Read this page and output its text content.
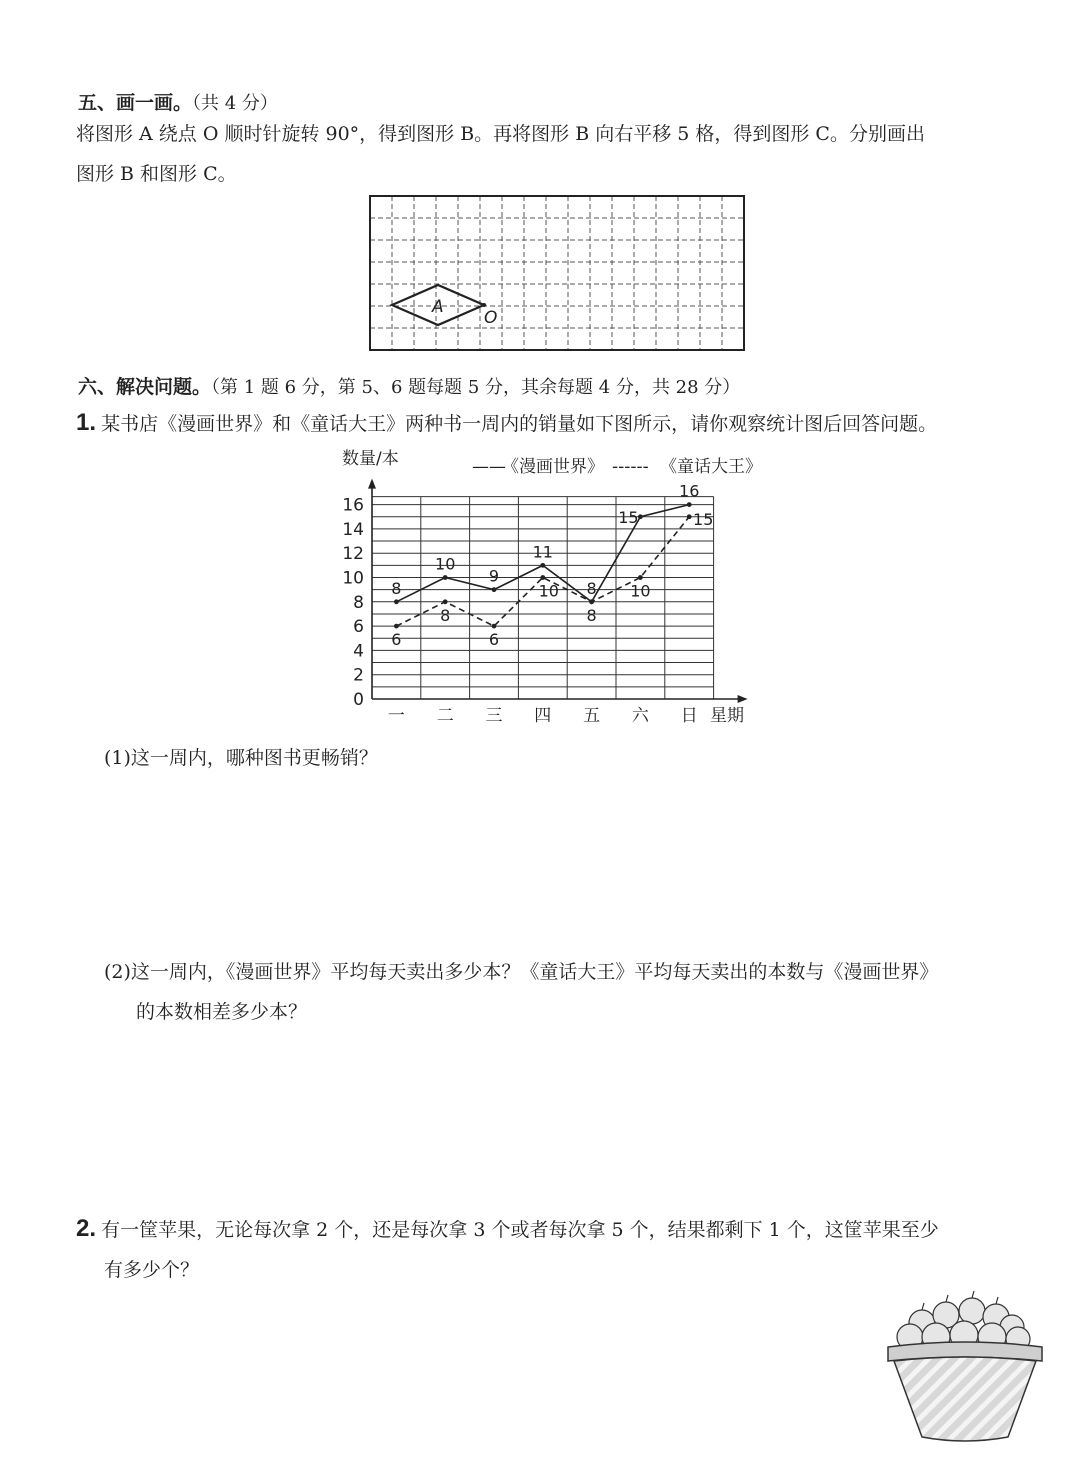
五、画一画。（共 4 分）
将图形 A 绕点 O 顺时针旋转 90°，得到图形 B。再将图形 B 向右平移 5 格，得到图形 C。分别画出
图形 B 和图形 C。
A
O
六、解决问题。（第 1 题 6 分，第 5、6 题每题 5 分，其余每题 4 分，共 28 分）
1. 某书店《漫画世界》和《童话大王》两种书一周内的销量如下图所示，请你观察统计图后回答问题。
0
2
4
6
8
10
12
14
16
一 二 三 四 五 六 日
8
10
9
11
8
15
16
6
8
6
10
8
10
15
数量/本
星期
——
《漫画世界》 ------ 《童话大王》
(1)这一周内，哪种图书更畅销？
(2)这一周内，《漫画世界》平均每天卖出多少本？《童话大王》平均每天卖出的本数与《漫画世界》
的本数相差多少本？
2. 有一筐苹果，无论每次拿 2 个，还是每次拿 3 个或者每次拿 5 个，结果都剩下 1 个，这筐苹果至少
有多少个？
